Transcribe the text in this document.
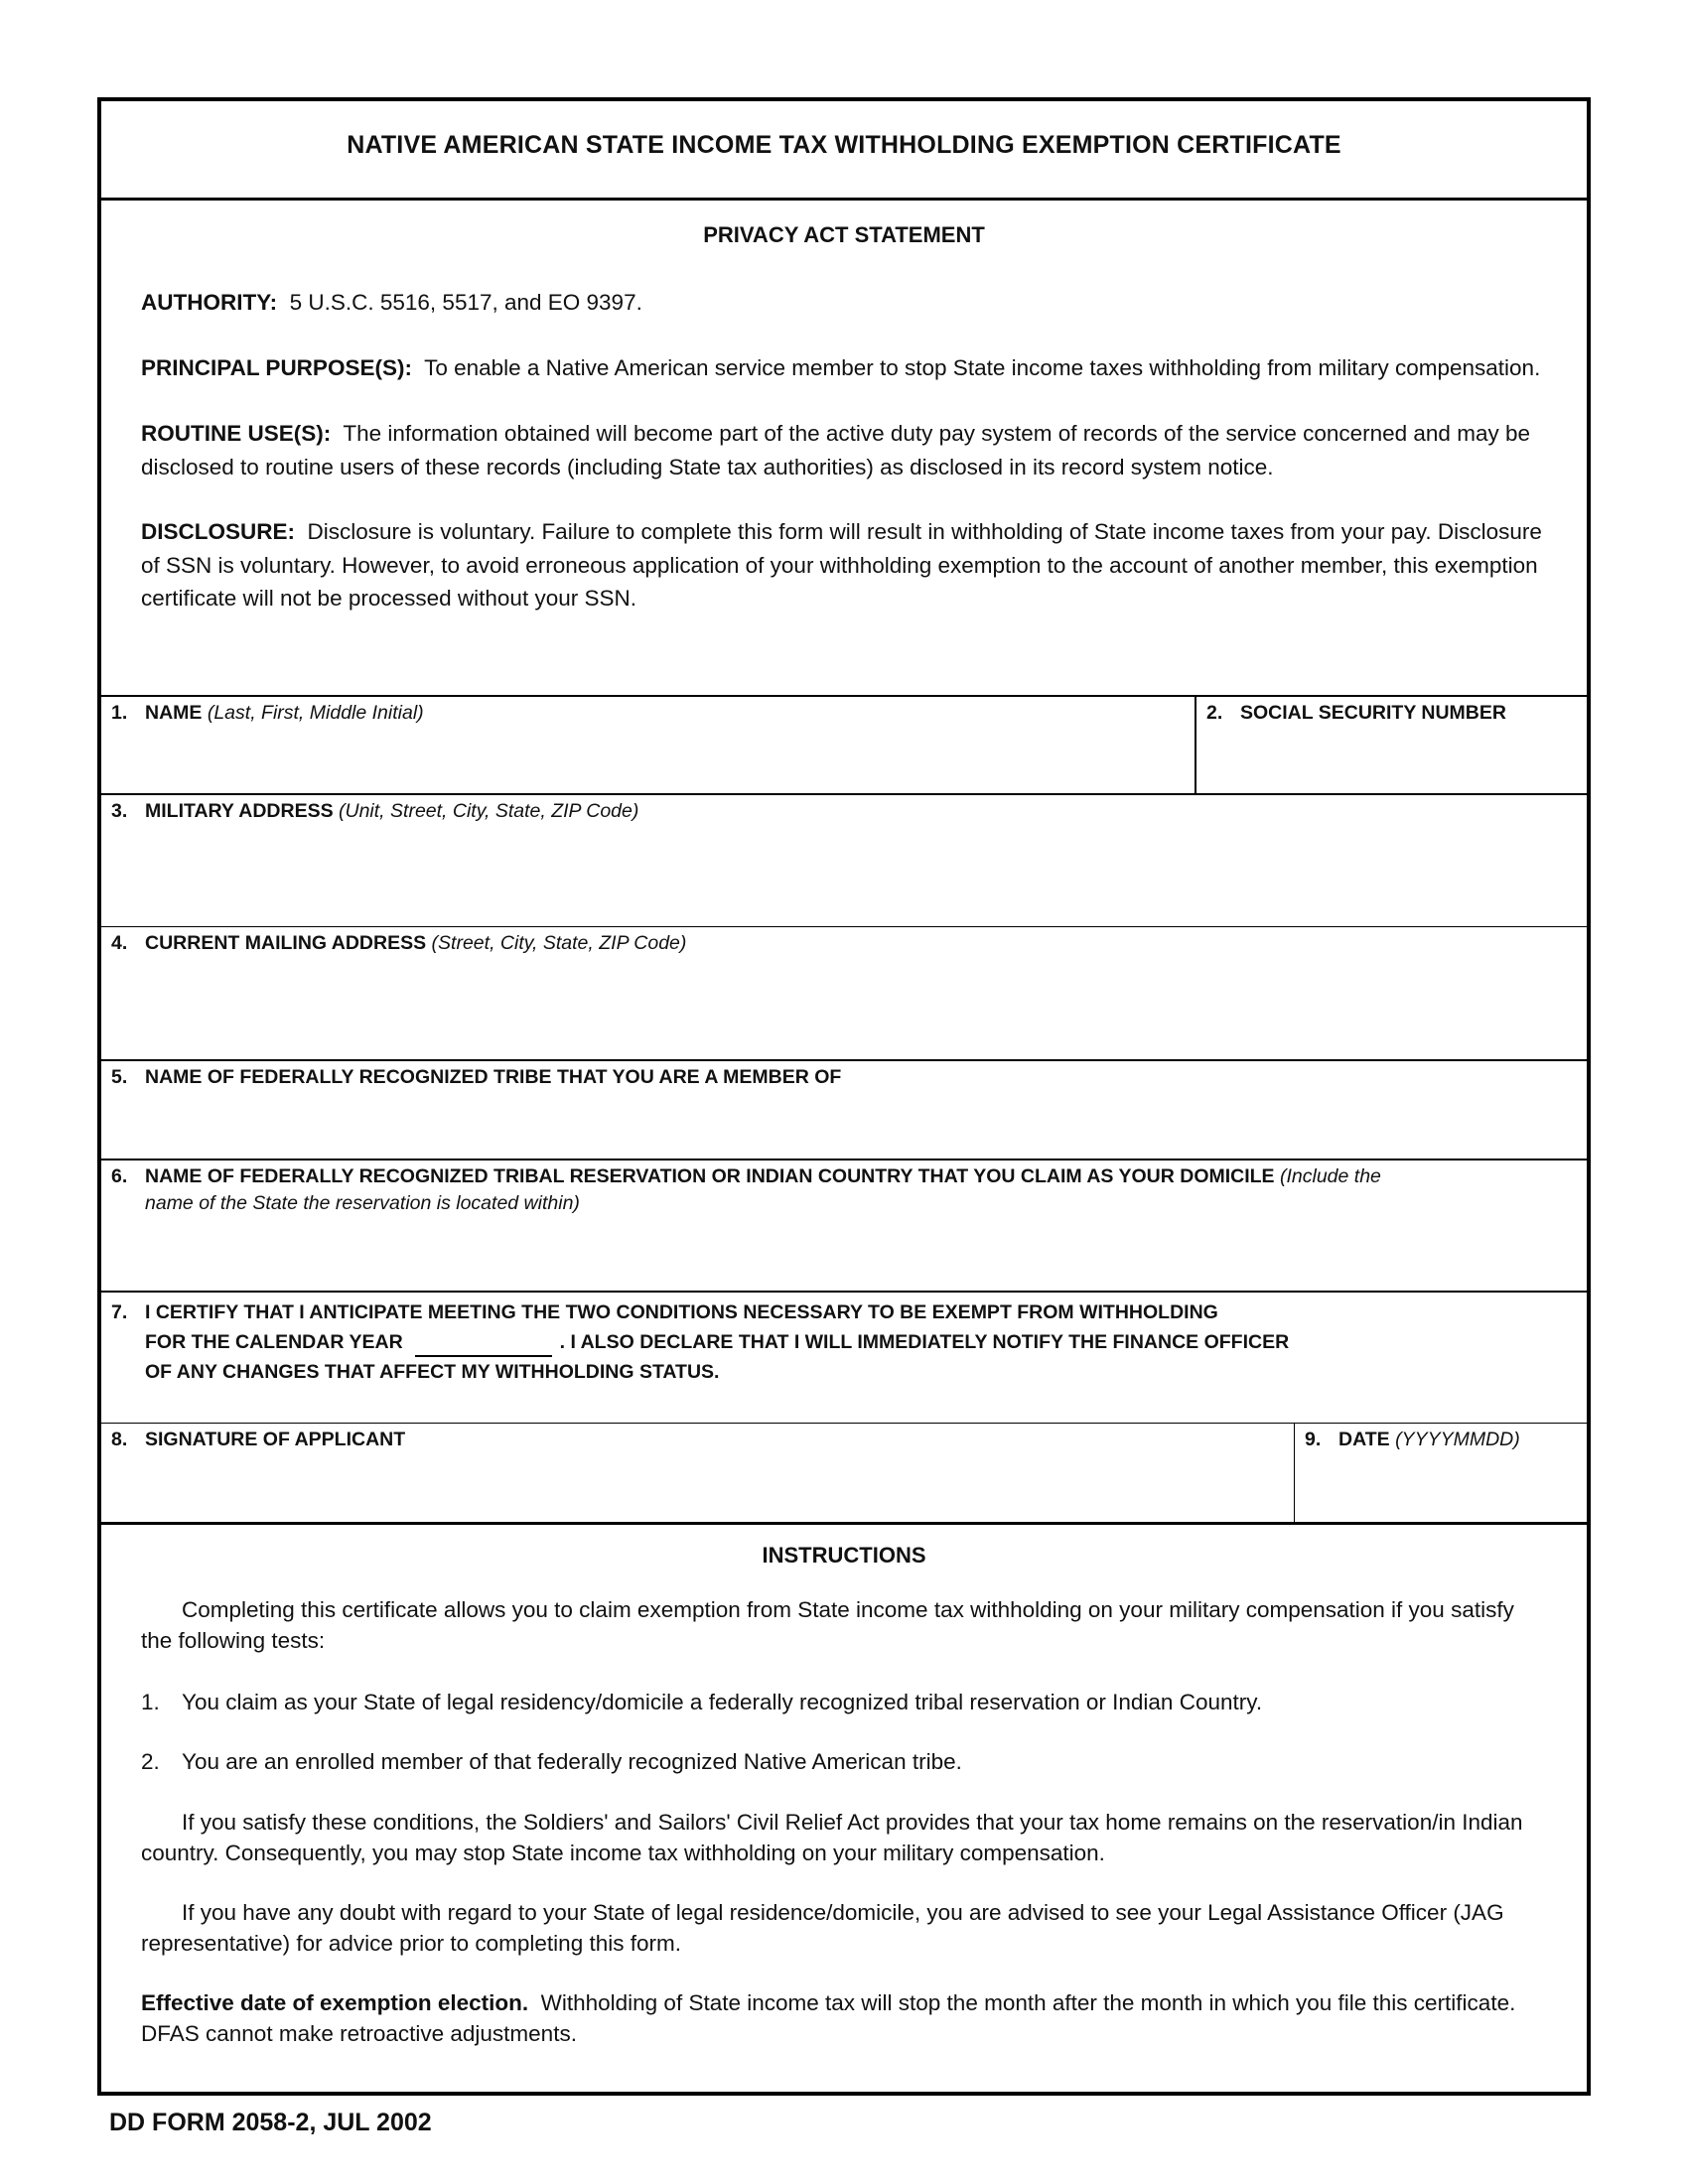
NATIVE AMERICAN STATE INCOME TAX WITHHOLDING EXEMPTION CERTIFICATE
PRIVACY ACT STATEMENT
AUTHORITY: 5 U.S.C. 5516, 5517, and EO 9397.
PRINCIPAL PURPOSE(S): To enable a Native American service member to stop State income taxes withholding from military compensation.
ROUTINE USE(S): The information obtained will become part of the active duty pay system of records of the service concerned and may be disclosed to routine users of these records (including State tax authorities) as disclosed in its record system notice.
DISCLOSURE: Disclosure is voluntary. Failure to complete this form will result in withholding of State income taxes from your pay. Disclosure of SSN is voluntary. However, to avoid erroneous application of your withholding exemption to the account of another member, this exemption certificate will not be processed without your SSN.
1. NAME (Last, First, Middle Initial)	2. SOCIAL SECURITY NUMBER
3. MILITARY ADDRESS (Unit, Street, City, State, ZIP Code)
4. CURRENT MAILING ADDRESS (Street, City, State, ZIP Code)
5. NAME OF FEDERALLY RECOGNIZED TRIBE THAT YOU ARE A MEMBER OF
6. NAME OF FEDERALLY RECOGNIZED TRIBAL RESERVATION OR INDIAN COUNTRY THAT YOU CLAIM AS YOUR DOMICILE (Include the
name of the State the reservation is located within)
7. I CERTIFY THAT I ANTICIPATE MEETING THE TWO CONDITIONS NECESSARY TO BE EXEMPT FROM WITHHOLDING
FOR THE CALENDAR YEAR	. I ALSO DECLARE THAT I WILL IMMEDIATELY NOTIFY THE FINANCE OFFICER
OF ANY CHANGES THAT AFFECT MY WITHHOLDING STATUS.
8. SIGNATURE OF APPLICANT	9. DATE (YYYYMMDD)
INSTRUCTIONS
Completing this certificate allows you to claim exemption from State income tax withholding on your military compensation if you satisfy the following tests:
1. You claim as your State of legal residency/domicile a federally recognized tribal reservation or Indian Country.
2. You are an enrolled member of that federally recognized Native American tribe.
If you satisfy these conditions, the Soldiers' and Sailors' Civil Relief Act provides that your tax home remains on the reservation/in Indian country. Consequently, you may stop State income tax withholding on your military compensation.
If you have any doubt with regard to your State of legal residence/domicile, you are advised to see your Legal Assistance Officer (JAG representative) for advice prior to completing this form.
Effective date of exemption election. Withholding of State income tax will stop the month after the month in which you file this certificate. DFAS cannot make retroactive adjustments.
DD FORM 2058-2, JUL 2002
